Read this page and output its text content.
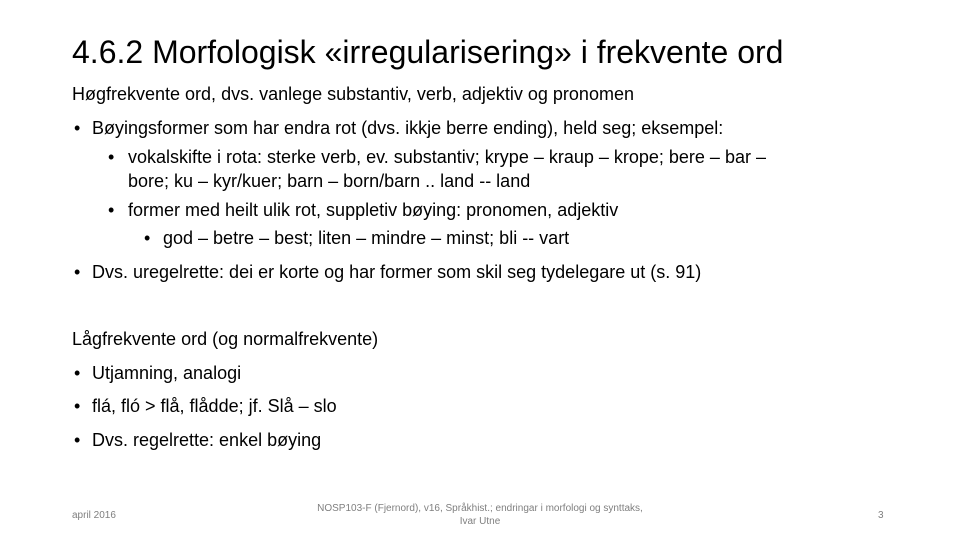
4.6.2 Morfologisk «irregularisering» i frekvente ord
Høgfrekvente ord, dvs. vanlege substantiv, verb, adjektiv og pronomen
• Bøyingsformer som har endra rot (dvs. ikkje berre ending), held seg; eksempel:
• vokalskifte i rota: sterke verb, ev. substantiv; krype – kraup – krope; bere – bar –
bore; ku – kyr/kuer; barn – born/barn .. land -- land
• former med heilt ulik rot, suppletiv bøying: pronomen, adjektiv
• god – betre – best; liten – mindre – minst; bli -- vart
• Dvs. uregelrette: dei er korte og har former som skil seg tydelegare ut (s. 91)
Lågfrekvente ord (og normalfrekvente)
• Utjamning, analogi
• flá, fló > flå, flådde; jf. Slå – slo
• Dvs. regelrette: enkel bøying
april 2016
NOSP103-F (Fjernord), v16, Språkhist.; endringar i morfologi og synttaks, Ivar Utne
3
